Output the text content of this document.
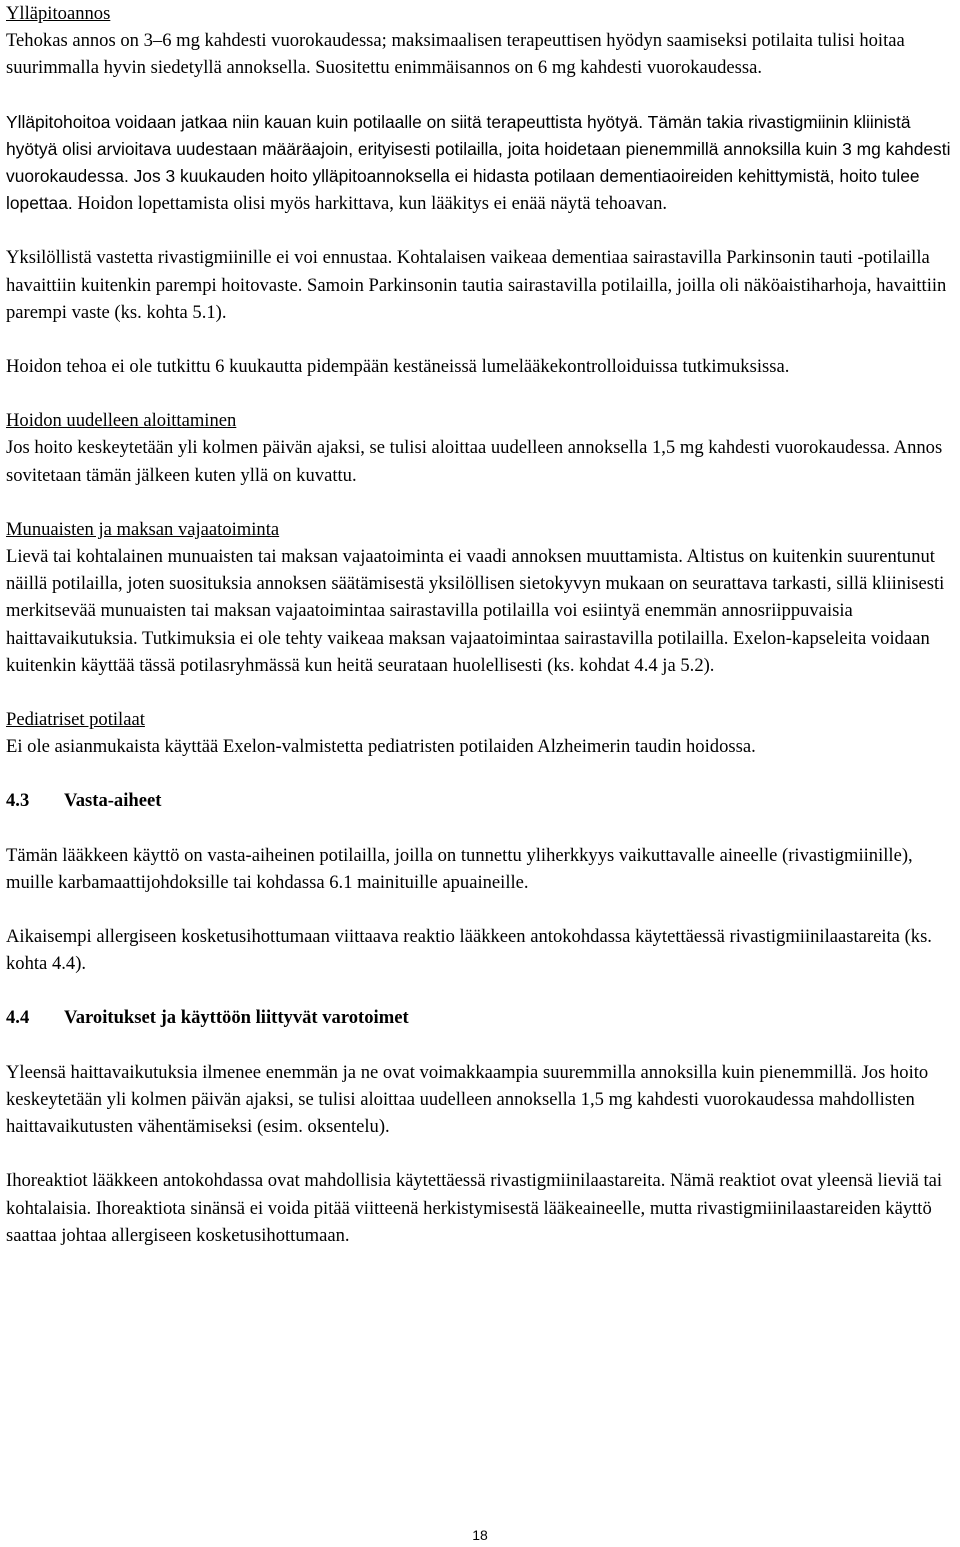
Ylläpitoannos

Tehokas annos on 3–6 mg kahdesti vuorokaudessa; maksimaalisen terapeuttisen hyödyn saamiseksi potilaita tulisi hoitaa suurimmalla hyvin siedetyllä annoksella. Suositettu enimmäisannos on 6 mg kahdesti vuorokaudessa.

Ylläpitohoitoa voidaan jatkaa niin kauan kuin potilaalle on siitä terapeuttista hyötyä. Tämän takia rivastigmiinin kliinistä hyötyä olisi arvioitava uudestaan määräajoin, erityisesti potilailla, joita hoidetaan pienemmillä annoksilla kuin 3 mg kahdesti vuorokaudessa. Jos 3 kuukauden hoito ylläpitoannoksella ei hidasta potilaan dementiaoireiden kehittymistä, hoito tulee lopettaa. Hoidon lopettamista olisi myös harkittava, kun lääkitys ei enää näytä tehoavan.

Yksilöllistä vastetta rivastigmiinille ei voi ennustaa. Kohtalaisen vaikeaa dementiaa sairastavilla Parkinsonin tauti -potilailla havaittiin kuitenkin parempi hoitovaste. Samoin Parkinsonin tautia sairastavilla potilailla, joilla oli näköaistiharhoja, havaittiin parempi vaste (ks. kohta 5.1).

Hoidon tehoa ei ole tutkittu 6 kuukautta pidempään kestäneissä lumelääkekontrolloiduissa tutkimuksissa.

Hoidon uudelleen aloittaminen

Jos hoito keskeytetään yli kolmen päivän ajaksi, se tulisi aloittaa uudelleen annoksella 1,5 mg kahdesti vuorokaudessa. Annos sovitetaan tämän jälkeen kuten yllä on kuvattu.

Munuaisten ja maksan vajaatoiminta

Lievä tai kohtalainen munuaisten tai maksan vajaatoiminta ei vaadi annoksen muuttamista. Altistus on kuitenkin suurentunut näillä potilailla, joten suosituksia annoksen säätämisestä yksilöllisen sietokyvyn mukaan on seurattava tarkasti, sillä kliinisesti merkitsevää munuaisten tai maksan vajaatoimintaa sairastavilla potilailla voi esiintyä enemmän annosriippuvaisia haittavaikutuksia. Tutkimuksia ei ole tehty vaikeaa maksan vajaatoimintaa sairastavilla potilailla. Exelon-kapseleita voidaan kuitenkin käyttää tässä potilasryhmässä kun heitä seurataan huolellisesti (ks. kohdat 4.4 ja 5.2).

Pediatriset potilaat

Ei ole asianmukaista käyttää Exelon-valmistetta pediatristen potilaiden Alzheimerin taudin hoidossa.

4.3 Vasta-aiheet

Tämän lääkkeen käyttö on vasta-aiheinen potilailla, joilla on tunnettu yliherkkyys vaikuttavalle aineelle (rivastigmiinille), muille karbamaattijohdoksille tai kohdassa 6.1 mainituille apuaineille.

Aikaisempi allergiseen kosketusihottumaan viittaava reaktio lääkkeen antokohdassa käytettäessä rivastigmiinilaastareita (ks. kohta 4.4).

4.4 Varoitukset ja käyttöön liittyvät varotoimet

Yleensä haittavaikutuksia ilmenee enemmän ja ne ovat voimakkaampia suuremmilla annoksilla kuin pienemmillä. Jos hoito keskeytetään yli kolmen päivän ajaksi, se tulisi aloittaa uudelleen annoksella 1,5 mg kahdesti vuorokaudessa mahdollisten haittavaikutusten vähentämiseksi (esim. oksentelu).

Ihoreaktiot lääkkeen antokohdassa ovat mahdollisia käytettäessä rivastigmiinilaastareita. Nämä reaktiot ovat yleensä lieviä tai kohtalaisia. Ihoreaktiota sinänsä ei voida pitää viitteenä herkistymisestä lääkeaineelle, mutta rivastigmiinilaastareiden käyttö saattaa johtaa allergiseen kosketusihottumaan.

18
